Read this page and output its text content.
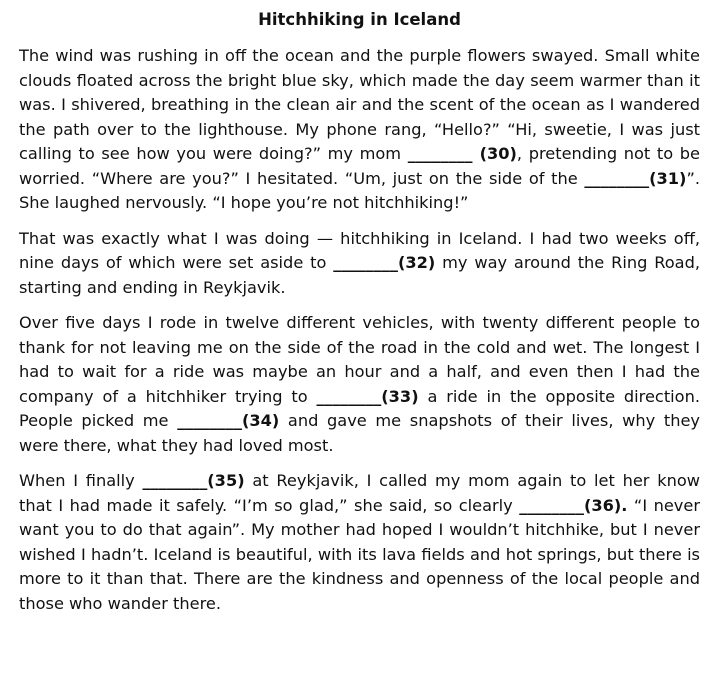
Hitchhiking in Iceland

The wind was rushing in off the ocean and the purple flowers swayed. Small white clouds floated across the bright blue sky, which made the day seem warmer than it was. I shivered, breathing in the clean air and the scent of the ocean as I wandered the path over to the lighthouse. My phone rang, “Hello?” “Hi, sweetie, I was just calling to see how you were doing?” my mom ________ (30), pretending not to be worried. “Where are you?” I hesitated. “Um, just on the side of the ________(31)”. She laughed nervously. “I hope you’re not hitchhiking!”

That was exactly what I was doing — hitchhiking in Iceland. I had two weeks off, nine days of which were set aside to ________(32) my way around the Ring Road, starting and ending in Reykjavik.

Over five days I rode in twelve different vehicles, with twenty different people to thank for not leaving me on the side of the road in the cold and wet. The longest I had to wait for a ride was maybe an hour and a half, and even then I had the company of a hitchhiker trying to ________(33) a ride in the opposite direction. People picked me ________(34) and gave me snapshots of their lives, why they were there, what they had loved most.

When I finally ________(35) at Reykjavik, I called my mom again to let her know that I had made it safely. “I’m so glad,” she said, so clearly ________(36). “I never want you to do that again”. My mother had hoped I wouldn’t hitchhike, but I never wished I hadn’t. Iceland is beautiful, with its lava fields and hot springs, but there is more to it than that. There are the kindness and openness of the local people and those who wander there.
